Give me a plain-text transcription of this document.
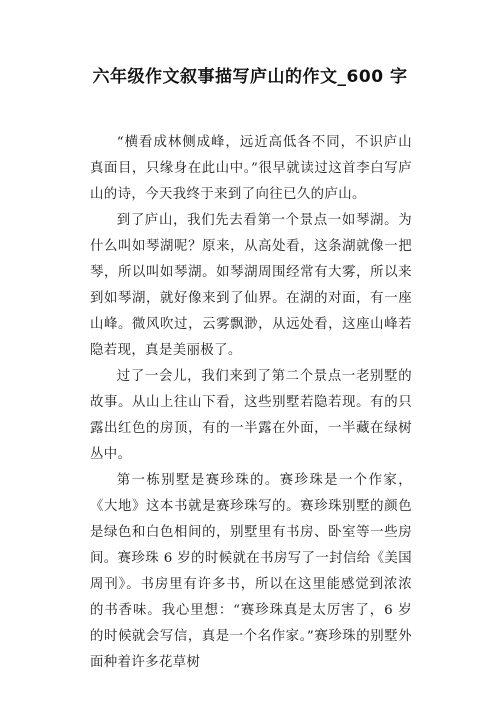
六年级作文叙事描写庐山的作文_600 字

“横看成林侧成峰，远近高低各不同，不识庐山真面目，只缘身在此山中。”很早就读过这首李白写庐山的诗，今天我终于来到了向往已久的庐山。

到了庐山，我们先去看第一个景点一如琴湖。为什么叫如琴湖呢？原来，从高处看，这条湖就像一把琴，所以叫如琴湖。如琴湖周围经常有大雾，所以来到如琴湖，就好像来到了仙界。在湖的对面，有一座山峰。微风吹过，云雾飘渺，从远处看，这座山峰若隐若现，真是美丽极了。

过了一会儿，我们来到了第二个景点一老别墅的故事。从山上往山下看，这些别墅若隐若现。有的只露出红色的房顶，有的一半露在外面，一半藏在绿树丛中。

第一栋别墅是赛珍珠的。赛珍珠是一个作家，《大地》这本书就是赛珍珠写的。赛珍珠别墅的颜色是绿色和白色相间的，别墅里有书房、卧室等一些房间。赛珍珠 6 岁的时候就在书房写了一封信给《美国周刊》。书房里有许多书，所以在这里能感觉到浓浓的书香味。我心里想：“赛珍珠真是太厉害了，6 岁的时候就会写信，真是一个名作家。”赛珍珠的别墅外面种着许多花草树
